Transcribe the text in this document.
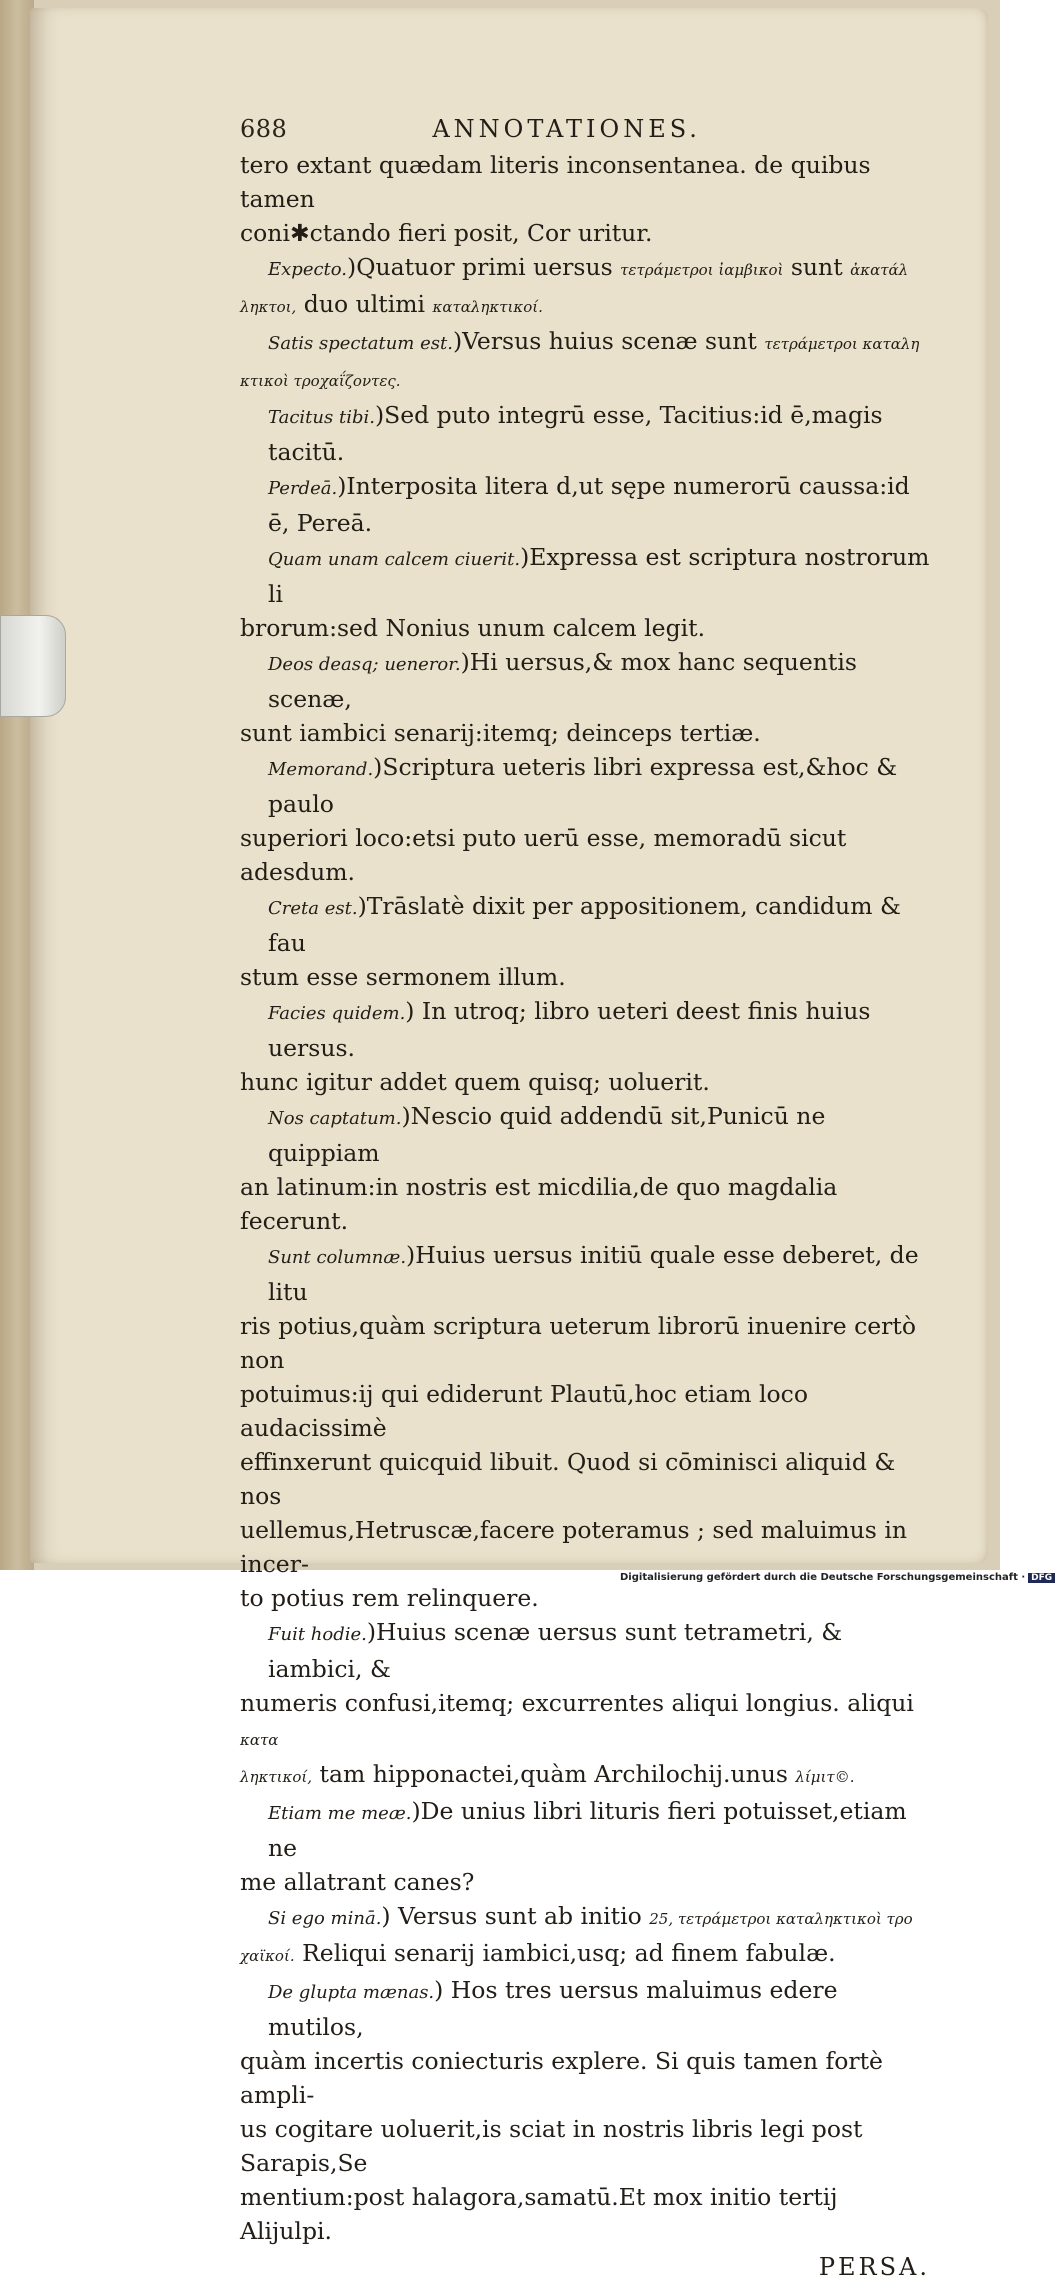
688	ANNOTATIONES.
tero extant quædam literis inconsentanea. de quibus tamen
coni✱ctando fieri posit, Cor uritur.
Expecto.)Quatuor primi uersus τετράμετροι ἰαμβικοὶ sunt ἀκατάλ
ληκτοι, duo ultimi καταληκτικοί.
Satis spectatum est.)Versus huius scenæ sunt τετράμετροι καταλη
κτικοὶ τροχαΐζοντες.
Tacitus tibi.)Sed puto integrū esse, Tacitius:id ē,magis tacitū.
Perdeā.)Interposita litera d,ut sępe numerorū caussa:id ē, Pereā.
Quam unam calcem ciuerit.)Expressa est scriptura nostrorum li
brorum:sed Nonius unum calcem legit.
Deos deasq; ueneror.)Hi uersus,& mox hanc sequentis scenæ,
sunt iambici senarij:itemq; deinceps tertiæ.
Memorand.)Scriptura ueteris libri expressa est,&hoc & paulo
superiori loco:etsi puto uerū esse, memoradū sicut adesdum.
Creta est.)Trāslatè dixit per appositionem, candidum & fau
stum esse sermonem illum.
Facies quidem.) In utroq; libro ueteri deest finis huius uersus.
hunc igitur addet quem quisq; uoluerit.
Nos captatum.)Nescio quid addendū sit,Punicū ne quippiam
an latinum:in nostris est micdilia,de quo magdalia fecerunt.
Sunt columnæ.)Huius uersus initiū quale esse deberet, de litu
ris potius,quàm scriptura ueterum librorū inuenire certò non
potuimus:ij qui ediderunt Plautū,hoc etiam loco audacissimè
effinxerunt quicquid libuit. Quod si cōminisci aliquid & nos
uellemus,Hetruscæ,facere poteramus ; sed maluimus in incer-
to potius rem relinquere.
Fuit hodie.)Huius scenæ uersus sunt tetrametri, & iambici, &
numeris confusi,itemq; excurrentes aliqui longius. aliqui κατα
ληκτικοί, tam hipponactei,quàm Archilochij.unus λίμιτ©.
Etiam me meæ.)De unius libri lituris fieri potuisset,etiam ne
me allatrant canes?
Si ego minā.) Versus sunt ab initio 25, τετράμετροι καταληκτικοὶ τρο
χαϊκοί. Reliqui senarij iambici,usq; ad finem fabulæ.
De glupta mænas.) Hos tres uersus maluimus edere mutilos,
quàm incertis coniecturis explere. Si quis tamen fortè ampli-
us cogitare uoluerit,is sciat in nostris libris legi post Sarapis,Se
mentium:post halagora,samatū.Et mox initio tertij Alijulpi.
PERSA.
Digitalisierung gefördert durch die Deutsche Forschungsgemeinschaft · DFG
